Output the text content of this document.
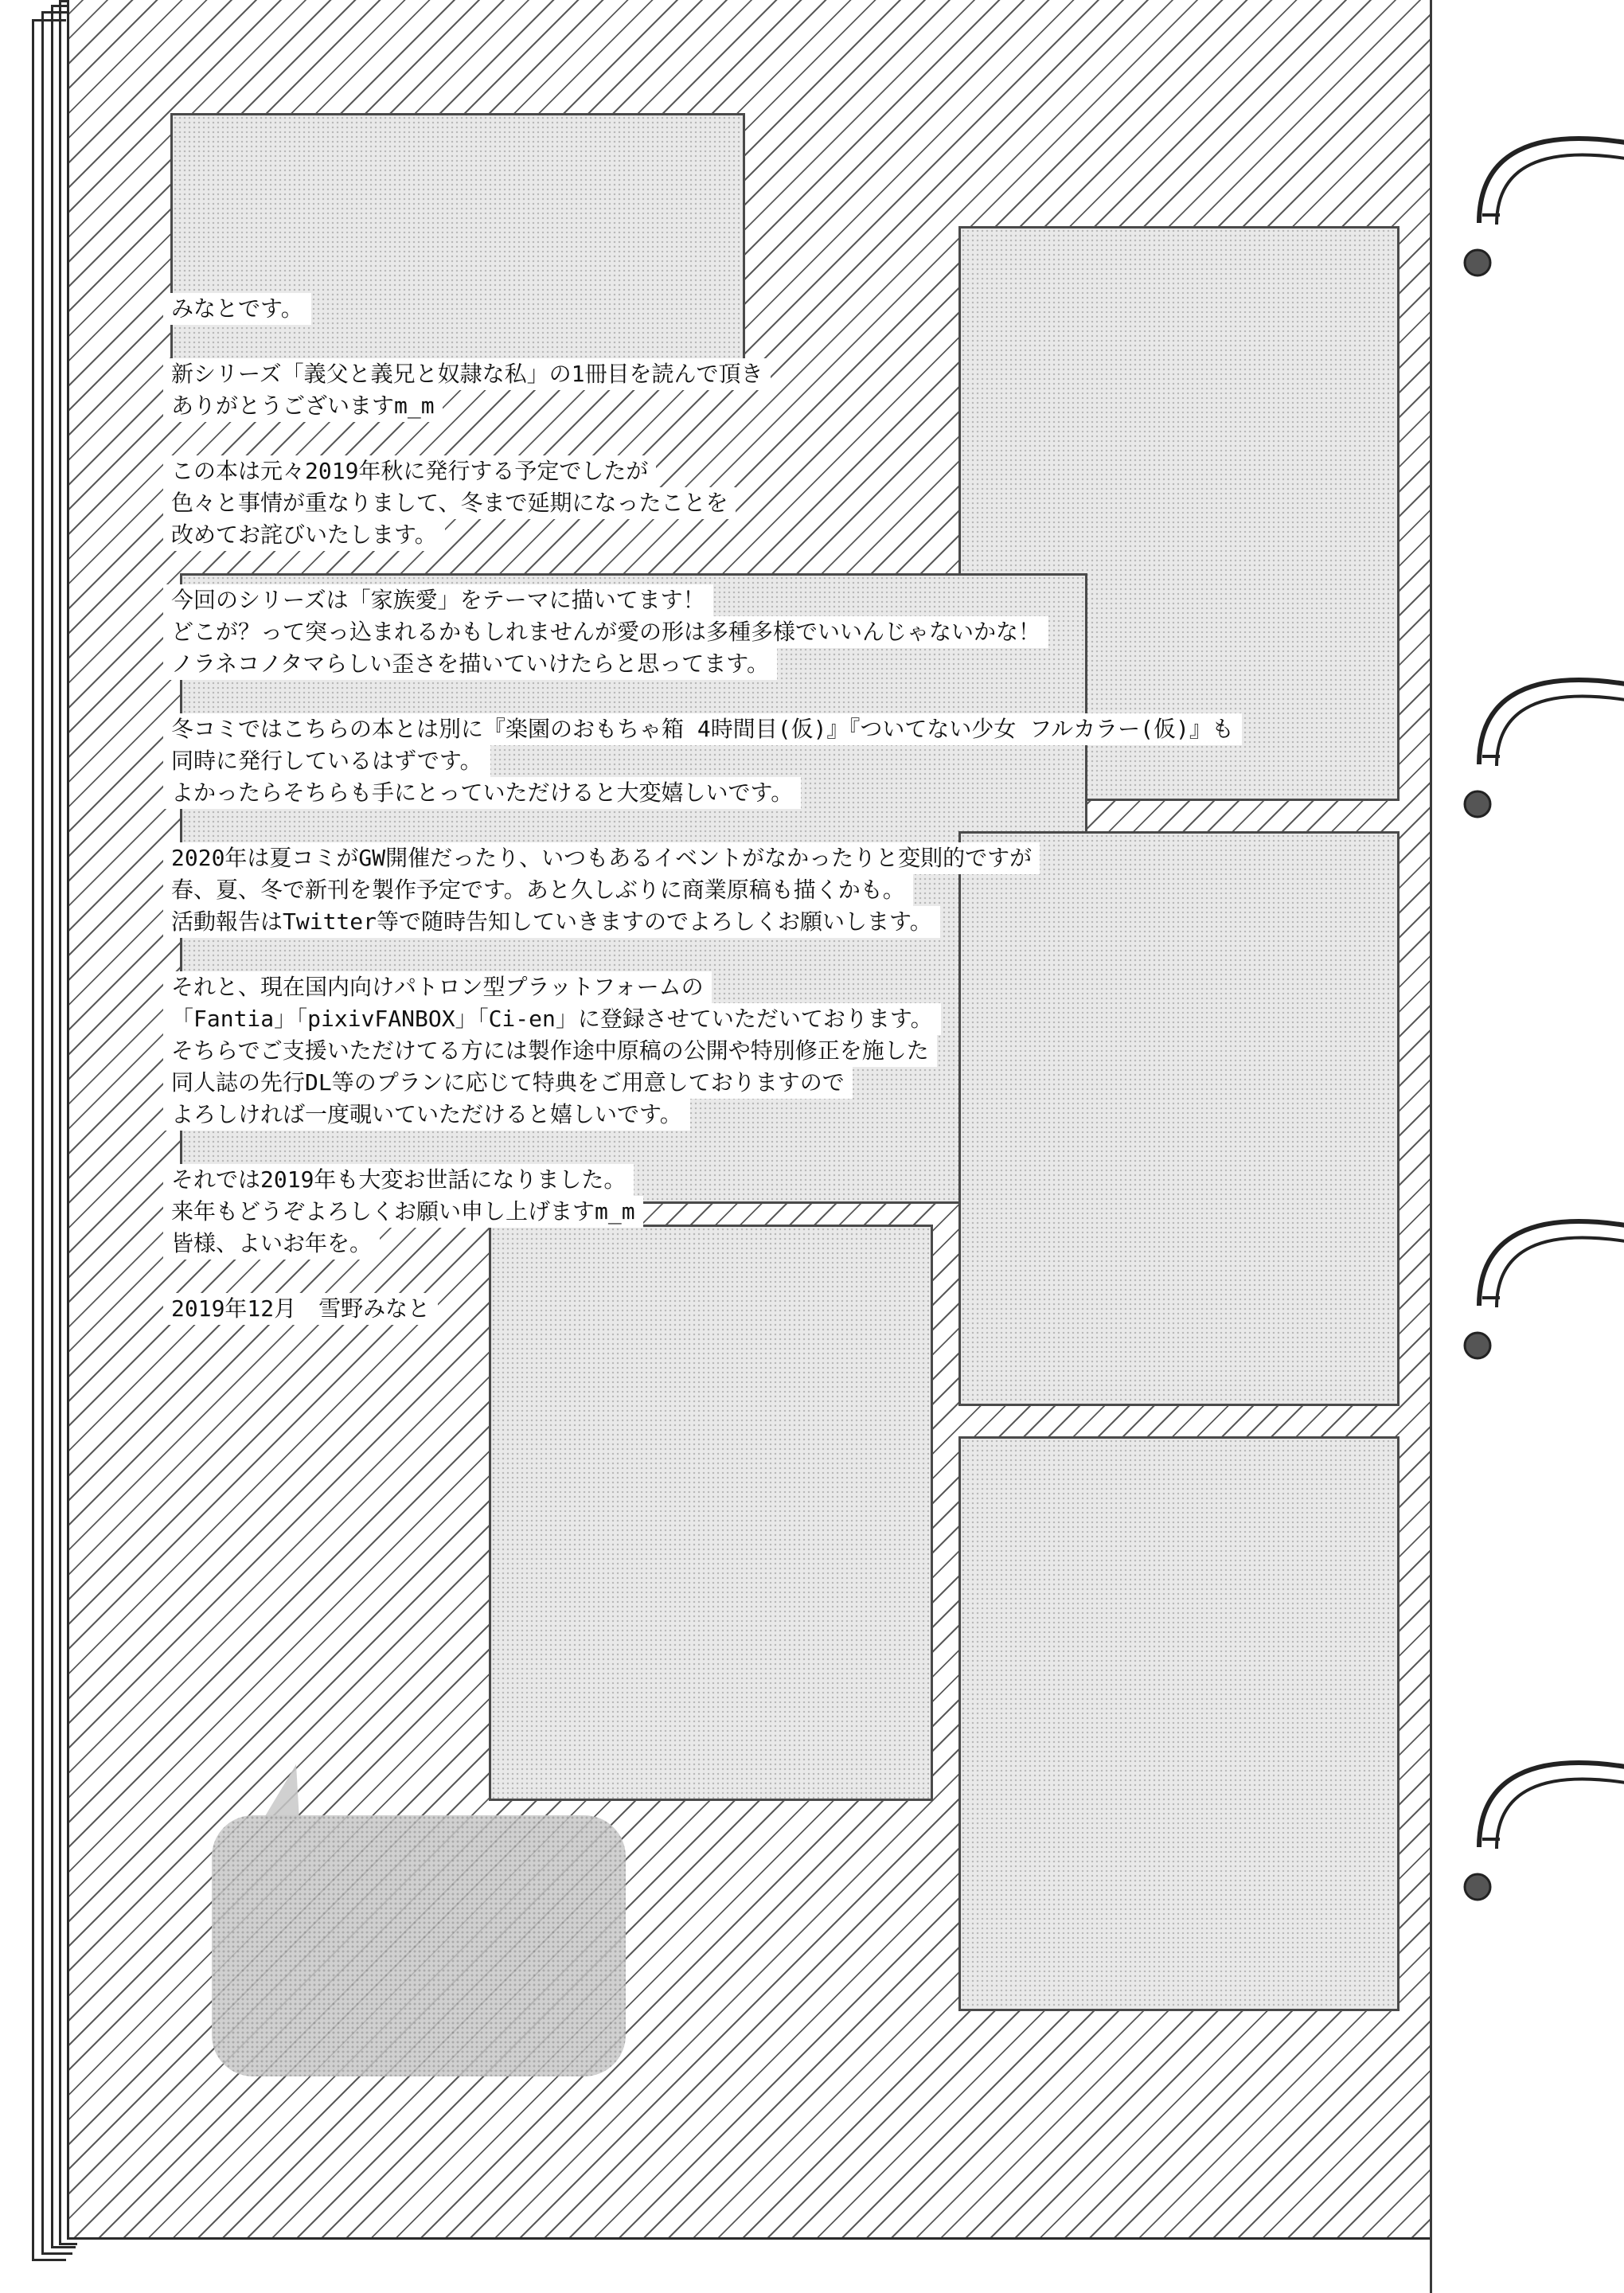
みなとです。
新シリーズ「義父と義兄と奴隷な私」の1冊目を読んで頂き
ありがとうございますm_m
この本は元々2019年秋に発行する予定でしたが
色々と事情が重なりまして、冬まで延期になったことを
改めてお詫びいたします。
今回のシリーズは「家族愛」をテーマに描いてます！
どこが？って突っ込まれるかもしれませんが愛の形は多種多様でいいんじゃないかな！
ノラネコノタマらしい歪さを描いていけたらと思ってます。
冬コミではこちらの本とは別に『楽園のおもちゃ箱 4時間目(仮)』『ついてない少女 フルカラー(仮)』も
同時に発行しているはずです。
よかったらそちらも手にとっていただけると大変嬉しいです。
2020年は夏コミがGW開催だったり、いつもあるイベントがなかったりと変則的ですが
春、夏、冬で新刊を製作予定です。あと久しぶりに商業原稿も描くかも。
活動報告はTwitter等で随時告知していきますのでよろしくお願いします。
それと、現在国内向けパトロン型プラットフォームの
「Fantia」「pixivFANBOX」「Ci-en」に登録させていただいております。
そちらでご支援いただけてる方には製作途中原稿の公開や特別修正を施した
同人誌の先行DL等のプランに応じて特典をご用意しておりますので
よろしければ一度覗いていただけると嬉しいです。
それでは2019年も大変お世話になりました。
来年もどうぞよろしくお願い申し上げますm_m
皆様、よいお年を。
2019年12月　雪野みなと
